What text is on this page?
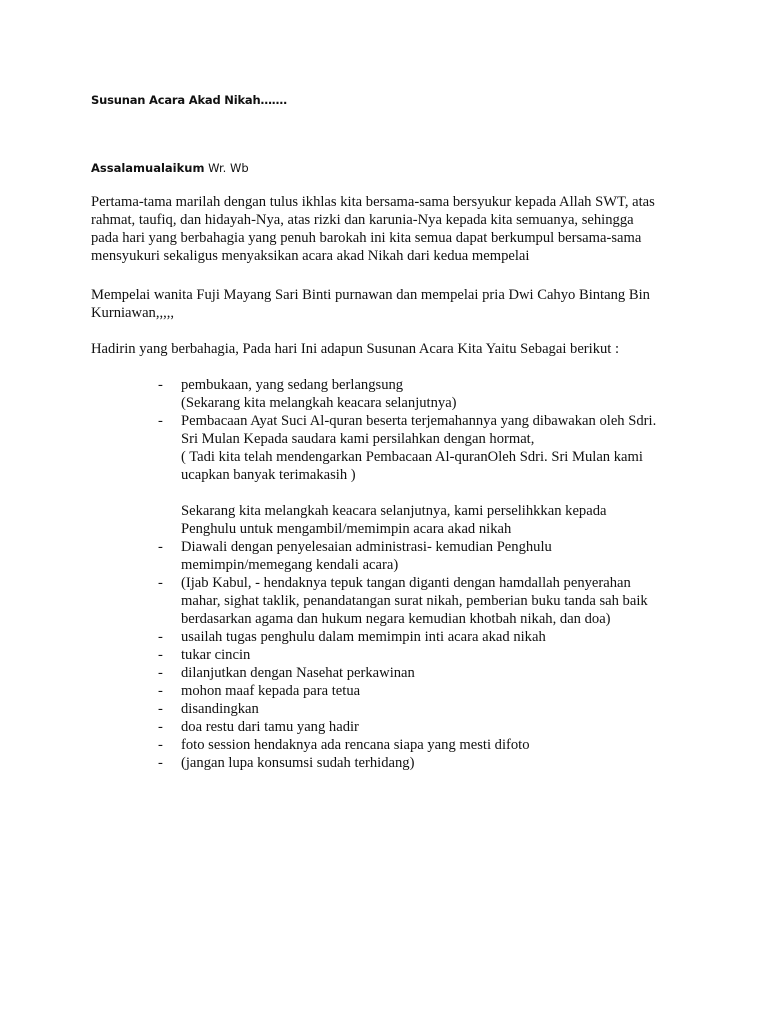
Susunan Acara Akad Nikah…….
Assalamualaikum Wr. Wb

Pertama-tama marilah dengan tulus ikhlas kita bersama-sama bersyukur kepada Allah SWT, atas
rahmat, taufiq, dan hidayah-Nya, atas rizki dan karunia-Nya kepada kita semuanya, sehingga
pada hari yang berbahagia yang penuh barokah ini kita semua dapat berkumpul bersama-sama
mensyukuri sekaligus menyaksikan acara akad Nikah dari kedua mempelai

Mempelai wanita Fuji Mayang Sari Binti purnawan dan mempelai pria Dwi Cahyo Bintang Bin
Kurniawan,,,,,

Hadirin yang berbahagia, Pada hari Ini adapun Susunan Acara Kita Yaitu Sebagai berikut :

- pembukaan, yang sedang berlangsung
(Sekarang kita melangkah keacara selanjutnya)
- Pembacaan Ayat Suci Al-quran beserta terjemahannya yang dibawakan oleh Sdri.
Sri Mulan Kepada saudara kami persilahkan dengan hormat,
( Tadi kita telah mendengarkan Pembacaan Al-quranOleh Sdri. Sri Mulan kami
ucapkan banyak terimakasih )
Sekarang kita melangkah keacara selanjutnya, kami perselihkkan kepada
Penghulu untuk mengambil/memimpin acara akad nikah
- Diawali dengan penyelesaian administrasi- kemudian Penghulu
memimpin/memegang kendali acara)
- (Ijab Kabul, - hendaknya tepuk tangan diganti dengan hamdallah penyerahan
mahar, sighat taklik, penandatangan surat nikah, pemberian buku tanda sah baik
berdasarkan agama dan hukum negara kemudian khotbah nikah, dan doa)
- usailah tugas penghulu dalam memimpin inti acara akad nikah
- tukar cincin
- dilanjutkan dengan Nasehat perkawinan
- mohon maaf kepada para tetua
- disandingkan
- doa restu dari tamu yang hadir
- foto session hendaknya ada rencana siapa yang mesti difoto
- (jangan lupa konsumsi sudah terhidang)
